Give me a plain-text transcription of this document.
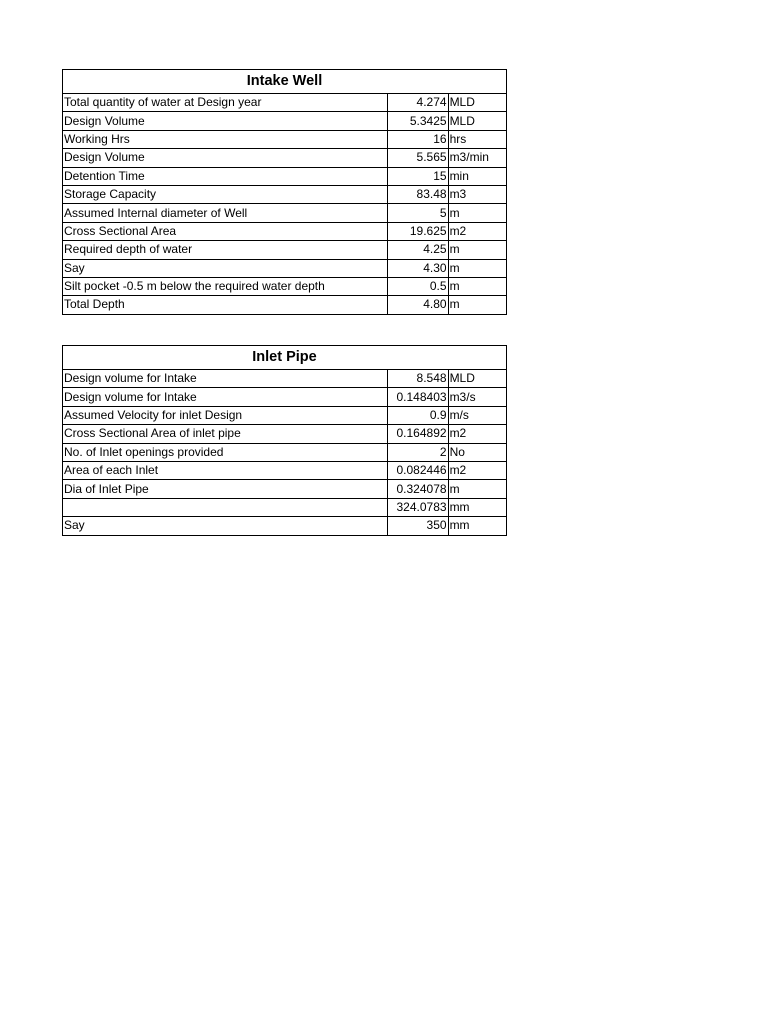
Intake Well		
Total quantity of water at Design year	4.274	MLD
Design Volume	5.3425	MLD
Working Hrs	16	hrs
Design Volume	5.565	m3/min
Detention Time	15	min
Storage Capacity	83.48	m3
Assumed Internal diameter of Well	5	m
Cross Sectional Area	19.625	m2
Required depth of water	4.25	m
Say	4.30	m
Silt pocket -0.5 m below the required water depth	0.5	m
Total Depth	4.80	m
Inlet Pipe		
Design volume for Intake	8.548	MLD
Design volume for Intake	0.148403	m3/s
Assumed Velocity for inlet Design	0.9	m/s
Cross Sectional Area of inlet pipe	0.164892	m2
No. of Inlet openings provided	2	No
Area of each Inlet	0.082446	m2
Dia of Inlet Pipe	0.324078	m
	324.0783	mm
Say	350	mm
